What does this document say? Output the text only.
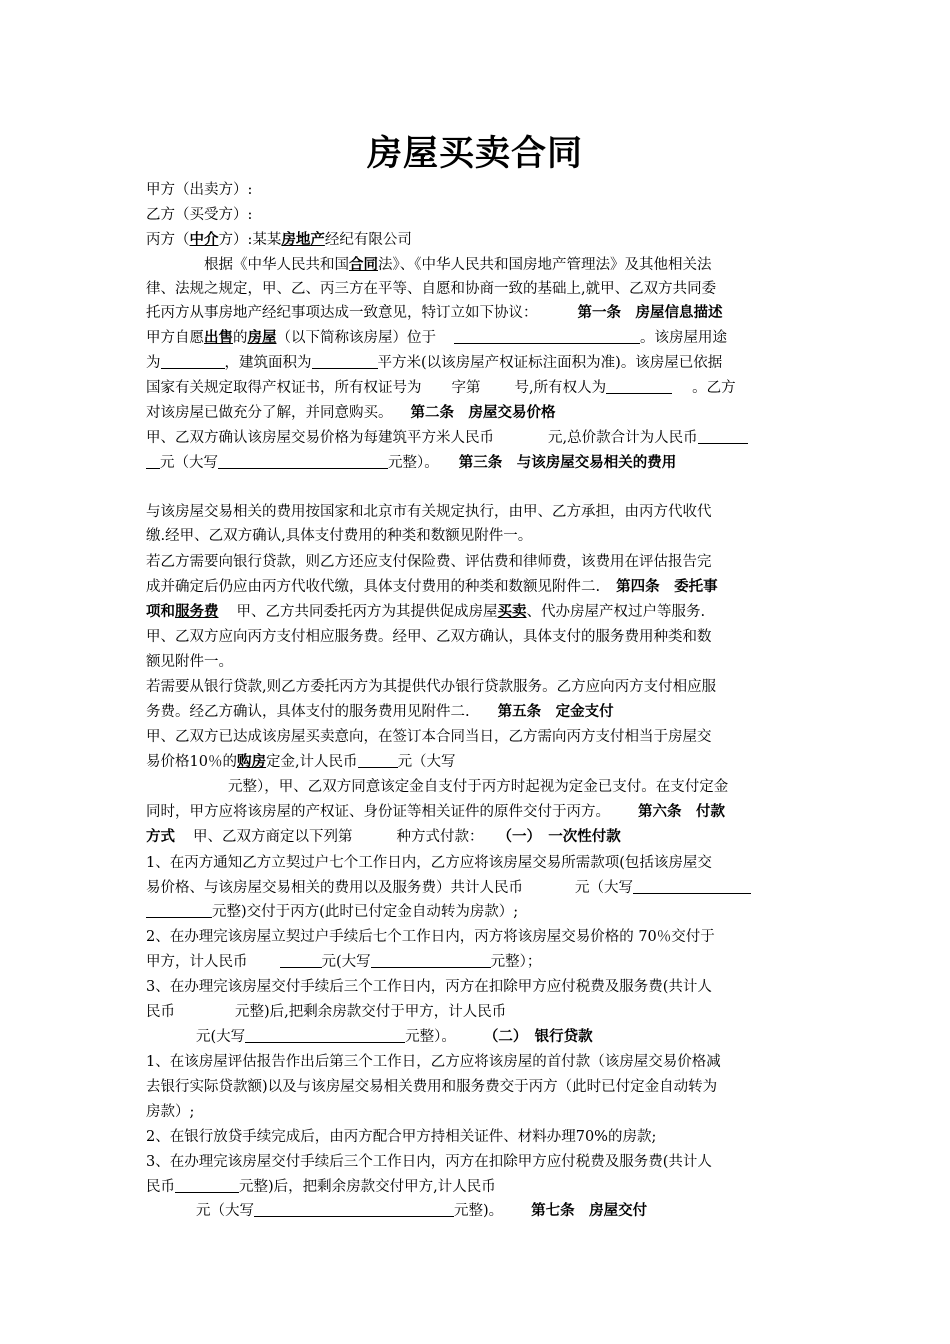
房屋买卖合同
甲方（出卖方）:
乙方（买受方）:
丙方（中介方）:某某房地产经纪有限公司
根据《中华人民共和国合同法》、《中华人民共和国房地产管理法》及其他相关法
律、法规之规定，甲、乙、丙三方在平等、自愿和协商一致的基础上,就甲、乙双方共同委
托丙方从事房地产经纪事项达成一致意见，特订立如下协议：	第一条　房屋信息描述
甲方自愿出售的房屋（以下简称该房屋）位于	。该房屋用途
为	，建筑面积为	平方米(以该房屋产权证标注面积为准)。该房屋已依据
国家有关规定取得产权证书，所有权证号为 字第 号,所有权人为	。乙方
对该房屋已做充分了解，并同意购买。 第二条　房屋交易价格
甲、乙双方确认该房屋交易价格为每建筑平方米人民币	元,总价款合计为人民币
元（大写	元整）。 第三条　与该房屋交易相关的费用
与该房屋交易相关的费用按国家和北京市有关规定执行，由甲、乙方承担，由丙方代收代
缴.经甲、乙双方确认,具体支付费用的种类和数额见附件一。
若乙方需要向银行贷款，则乙方还应支付保险费、评估费和律师费，该费用在评估报告完
成并确定后仍应由丙方代收代缴，具体支付费用的种类和数额见附件二. 第四条　委托事
项和服务费 甲、乙方共同委托丙方为其提供促成房屋买卖、代办房屋产权过户等服务.
甲、乙双方应向丙方支付相应服务费。经甲、乙双方确认，具体支付的服务费用种类和数
额见附件一。
若需要从银行贷款,则乙方委托丙方为其提供代办银行贷款服务。乙方应向丙方支付相应服
务费。经乙方确认，具体支付的服务费用见附件二. 第五条　定金支付
甲、乙双方已达成该房屋买卖意向，在签订本合同当日，乙方需向丙方支付相当于房屋交
易价格10％的购房定金,计人民币	元（大写
元整），甲、乙双方同意该定金自支付于丙方时起视为定金已支付。在支付定金
同时，甲方应将该房屋的产权证、身份证等相关证件的原件交付于丙方。 第六条　付款
方式 甲、乙双方商定以下列第	种方式付款： （一）　一次性付款
1、在丙方通知乙方立契过户七个工作日内，乙方应将该房屋交易所需款项(包括该房屋交
易价格、与该房屋交易相关的费用以及服务费）共计人民币	元（大写
元整)交付于丙方(此时已付定金自动转为房款）;
2、在办理完该房屋立契过户手续后七个工作日内，丙方将该房屋交易价格的 70％交付于
甲方，计人民币	元(大写	元整）；
3、在办理完该房屋交付手续后三个工作日内，丙方在扣除甲方应付税费及服务费(共计人
民币	元整)后,把剩余房款交付于甲方，计人民币
元(大写	元整）。 （二）　银行贷款
1、在该房屋评估报告作出后第三个工作日，乙方应将该房屋的首付款（该房屋交易价格减
去银行实际贷款额)以及与该房屋交易相关费用和服务费交于丙方（此时已付定金自动转为
房款）;
2、在银行放贷手续完成后，由丙方配合甲方持相关证件、材料办理70%的房款;
3、在办理完该房屋交付手续后三个工作日内，丙方在扣除甲方应付税费及服务费(共计人
民币	元整)后，把剩余房款交付甲方,计人民币
元（大写	元整)。 第七条　房屋交付
